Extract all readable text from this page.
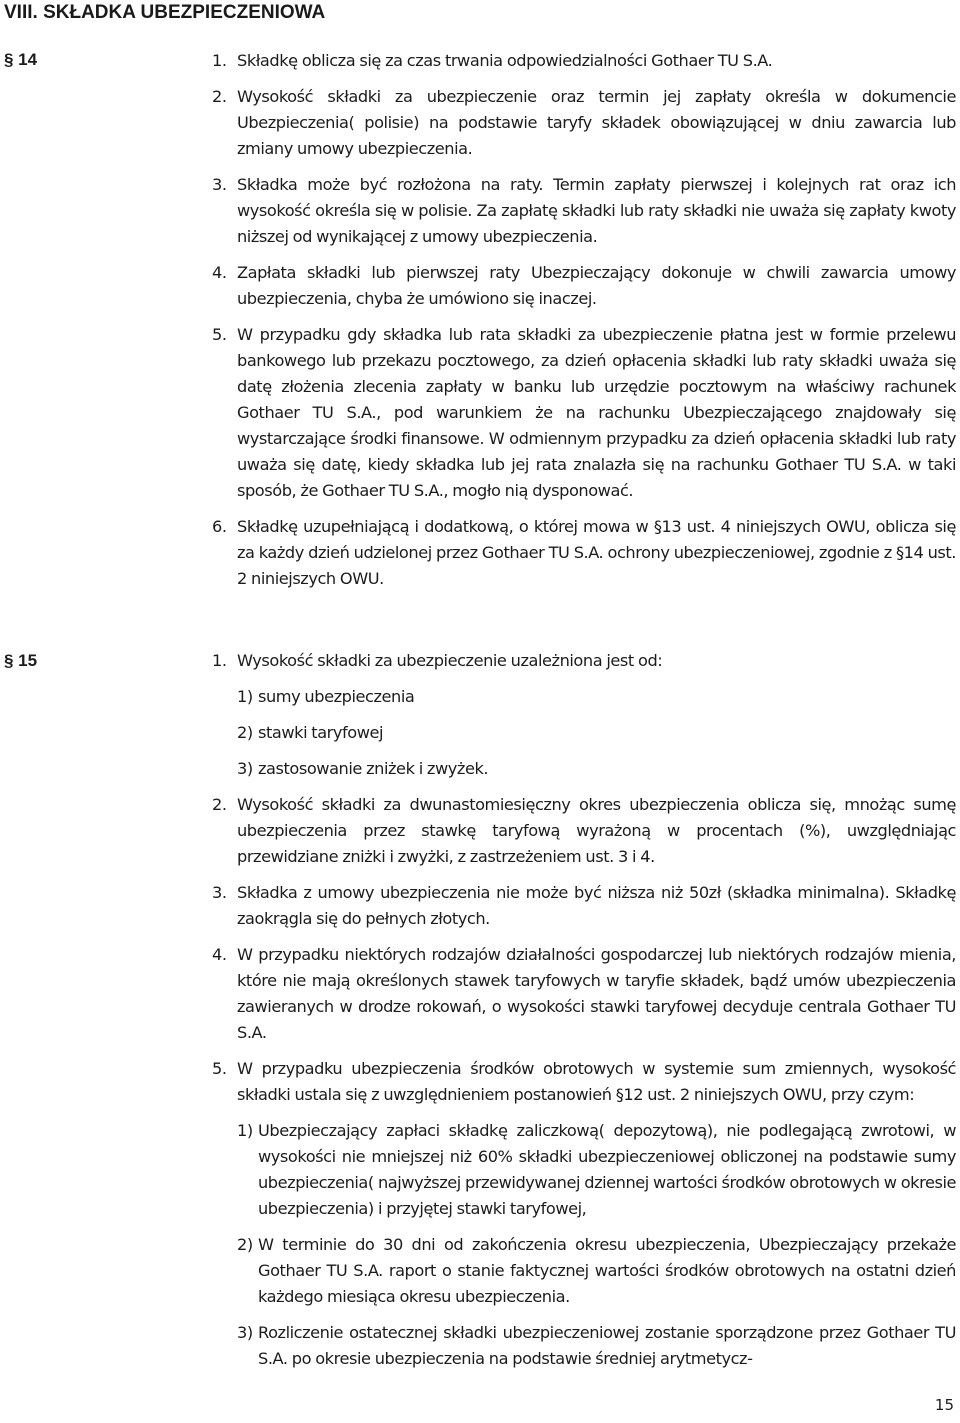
VIII. SKŁADKA UBEZPIECZENIOWA
§ 14	1. Składkę oblicza się za czas trwania odpowiedzialności Gothaer TU S.A.

2. Wysokość składki za ubezpieczenie oraz termin jej zapłaty określa w dokumencie Ubezpieczenia( polisie) na podstawie taryfy składek obowiązującej w dniu zawarcia lub zmiany umowy ubezpieczenia.

3. Składka może być rozłożona na raty. Termin zapłaty pierwszej i kolejnych rat oraz ich wysokość określa się w polisie. Za zapłatę składki lub raty składki nie uważa się zapłaty kwoty niższej od wynikającej z umowy ubezpieczenia.

4. Zapłata składki lub pierwszej raty Ubezpieczający dokonuje w chwili zawarcia umowy ubezpieczenia, chyba że umówiono się inaczej.

5. W przypadku gdy składka lub rata składki za ubezpieczenie płatna jest w formie przelewu bankowego lub przekazu pocztowego, za dzień opłacenia składki lub raty składki uważa się datę złożenia zlecenia zapłaty w banku lub urzędzie pocztowym na właściwy rachunek Gothaer TU S.A., pod warunkiem że na rachunku Ubezpieczającego znajdowały się wystarczające środki finansowe. W odmiennym przypadku za dzień opłacenia składki lub raty uważa się datę, kiedy składka lub jej rata znalazła się na rachunku Gothaer TU S.A. w taki sposób, że Gothaer TU S.A., mogło nią dysponować.

6. Składkę uzupełniającą i dodatkową, o której mowa w §13 ust. 4 niniejszych OWU, oblicza się za każdy dzień udzielonej przez Gothaer TU S.A. ochrony ubezpieczeniowej, zgodnie z §14 ust. 2 niniejszych OWU.

§ 15	1. Wysokość składki za ubezpieczenie uzależniona jest od:

1) sumy ubezpieczenia

2) stawki taryfowej

3) zastosowanie zniżek i zwyżek.

2. Wysokość składki za dwunastomiesięczny okres ubezpieczenia oblicza się, mnożąc sumę ubezpieczenia przez stawkę taryfową wyrażoną w procentach (%), uwzględniając przewidziane zniżki i zwyżki, z zastrzeżeniem ust. 3 i 4.

3. Składka z umowy ubezpieczenia nie może być niższa niż 50zł (składka minimalna). Składkę zaokrągla się do pełnych złotych.

4. W przypadku niektórych rodzajów działalności gospodarczej lub niektórych rodzajów mienia, które nie mają określonych stawek taryfowych w taryfie składek, bądź umów ubezpieczenia zawieranych w drodze rokowań, o wysokości stawki taryfowej decyduje centrala Gothaer TU S.A.

5. W przypadku ubezpieczenia środków obrotowych w systemie sum zmiennych, wysokość składki ustala się z uwzględnieniem postanowień §12 ust. 2 niniejszych OWU, przy czym:

1) Ubezpieczający zapłaci składkę zaliczkową( depozytową), nie podlegającą zwrotowi, w wysokości nie mniejszej niż 60% składki ubezpieczeniowej obliczonej na podstawie sumy ubezpieczenia( najwyższej przewidywanej dziennej wartości środków obrotowych w okresie ubezpieczenia) i przyjętej stawki taryfowej,

2) W terminie do 30 dni od zakończenia okresu ubezpieczenia, Ubezpieczający przekaże Gothaer TU S.A. raport o stanie faktycznej wartości środków obrotowych na ostatni dzień każdego miesiąca okresu ubezpieczenia.

3) Rozliczenie ostatecznej składki ubezpieczeniowej zostanie sporządzone przez Gothaer TU S.A. po okresie ubezpieczenia na podstawie średniej arytmetycz-

15
